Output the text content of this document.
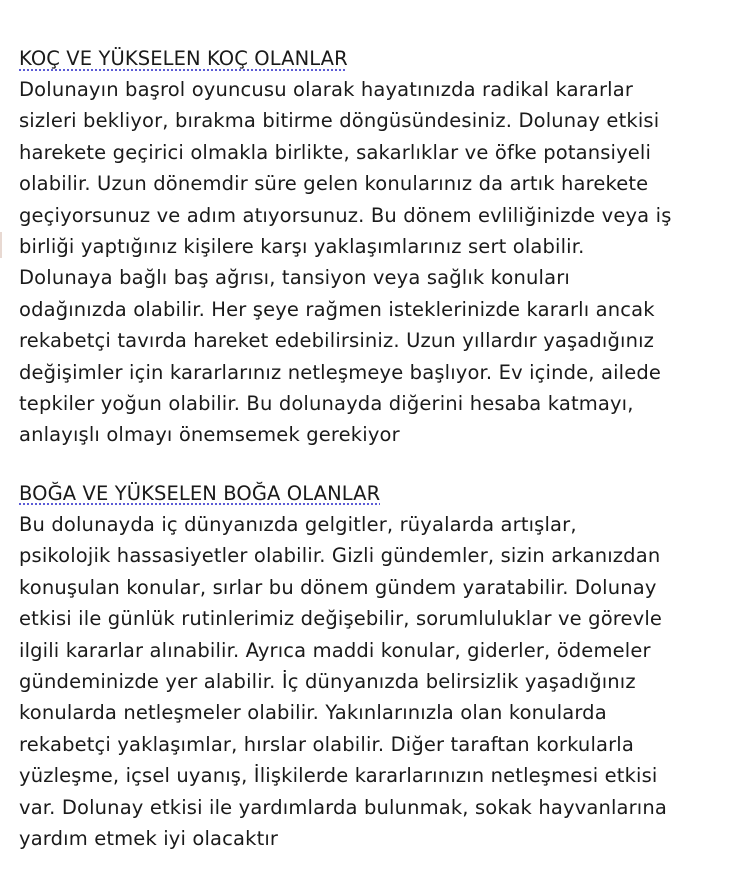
KOÇ VE YÜKSELEN KOÇ OLANLAR

Dolunayın başrol oyuncusu olarak hayatınızda radikal kararlar
sizleri bekliyor, bırakma bitirme döngüsündesiniz. Dolunay etkisi
harekete geçirici olmakla birlikte, sakarlıklar ve öfke potansiyeli
olabilir. Uzun dönemdir süre gelen konularınız da artık harekete
geçiyorsunuz ve adım atıyorsunuz. Bu dönem evliliğinizde veya iş
birliği yaptığınız kişilere karşı yaklaşımlarınız sert olabilir.
Dolunaya bağlı baş ağrısı, tansiyon veya sağlık konuları
odağınızda olabilir. Her şeye rağmen isteklerinizde kararlı ancak
rekabetçi tavırda hareket edebilirsiniz. Uzun yıllardır yaşadığınız
değişimler için kararlarınız netleşmeye başlıyor. Ev içinde, ailede
tepkiler yoğun olabilir. Bu dolunayda diğerini hesaba katmayı,
anlayışlı olmayı önemsemek gerekiyor

BOĞA VE YÜKSELEN BOĞA OLANLAR

Bu dolunayda iç dünyanızda gelgitler, rüyalarda artışlar,
psikolojik hassasiyetler olabilir. Gizli gündemler, sizin arkanızdan
konuşulan konular, sırlar bu dönem gündem yaratabilir. Dolunay
etkisi ile günlük rutinlerimiz değişebilir, sorumluluklar ve görevle
ilgili kararlar alınabilir. Ayrıca maddi konular, giderler, ödemeler
gündeminizde yer alabilir. İç dünyanızda belirsizlik yaşadığınız
konularda netleşmeler olabilir. Yakınlarınızla olan konularda
rekabetçi yaklaşımlar, hırslar olabilir. Diğer taraftan korkularla
yüzleşme, içsel uyanış, İlişkilerde kararlarınızın netleşmesi etkisi
var. Dolunay etkisi ile yardımlarda bulunmak, sokak hayvanlarına
yardım etmek iyi olacaktır
